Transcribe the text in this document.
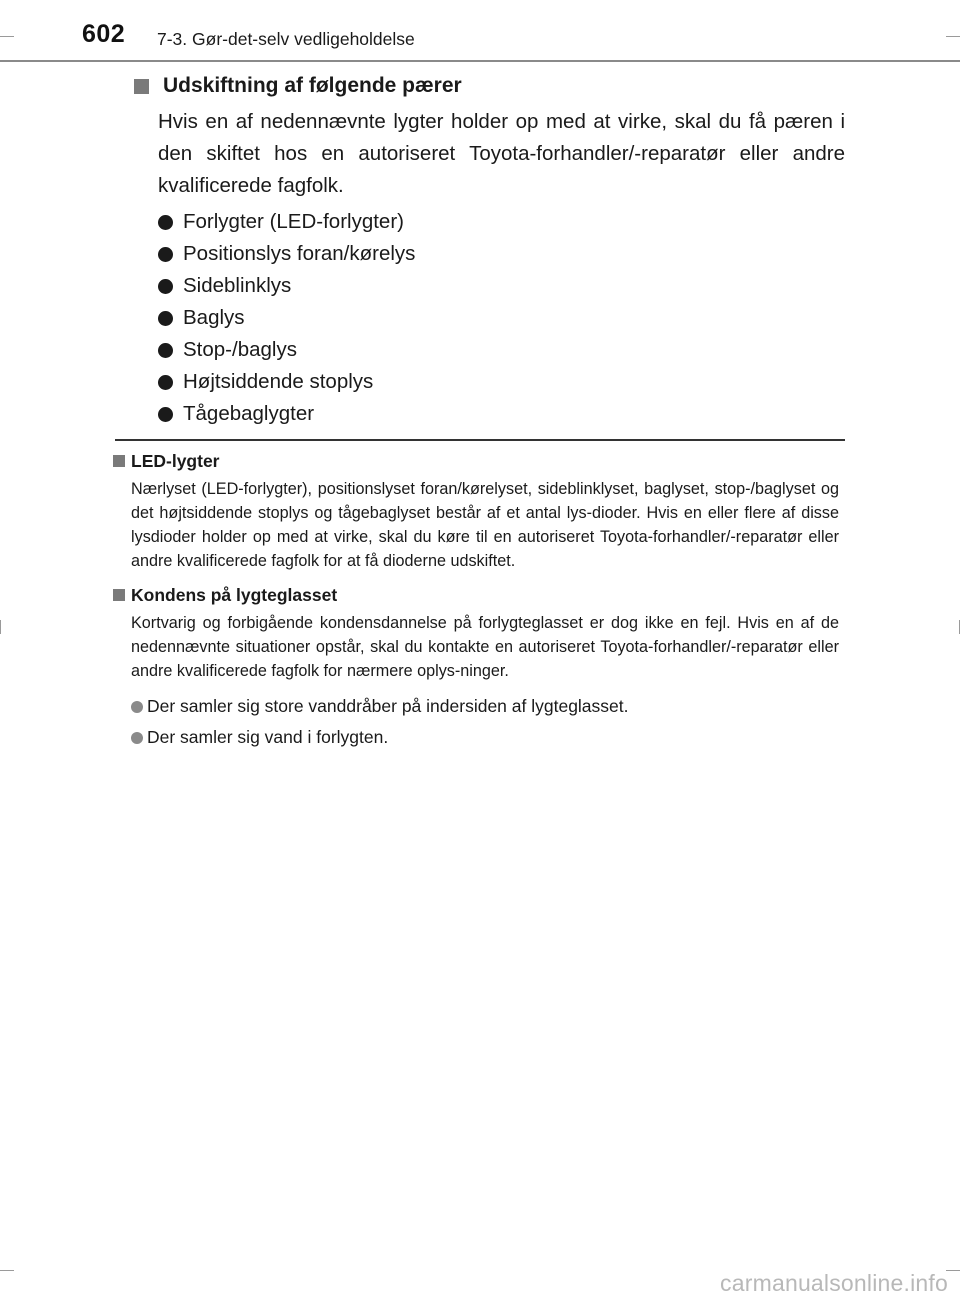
602 7-3. Gør-det-selv vedligeholdelse
Udskiftning af følgende pærer
Hvis en af nedennævnte lygter holder op med at virke, skal du få pæren i den skiftet hos en autoriseret Toyota-forhandler/-reparatør eller andre kvalificerede fagfolk.
Forlygter (LED-forlygter)
Positionslys foran/kørelys
Sideblinklys
Baglys
Stop-/baglys
Højtsiddende stoplys
Tågebaglygter
LED-lygter
Nærlyset (LED-forlygter), positionslyset foran/kørelyset, sideblinklyset, baglyset, stop-/baglyset og det højtsiddende stoplys og tågebaglyset består af et antal lys-dioder. Hvis en eller flere af disse lysdioder holder op med at virke, skal du køre til en autoriseret Toyota-forhandler/-reparatør eller andre kvalificerede fagfolk for at få dioderne udskiftet.
Kondens på lygteglasset
Kortvarig og forbigående kondensdannelse på forlygteglasset er dog ikke en fejl. Hvis en af de nedennævnte situationer opstår, skal du kontakte en autoriseret Toyota-forhandler/-reparatør eller andre kvalificerede fagfolk for nærmere oplys-ninger.
Der samler sig store vanddråber på indersiden af lygteglasset.
Der samler sig vand i forlygten.
carmanualsonline.info
